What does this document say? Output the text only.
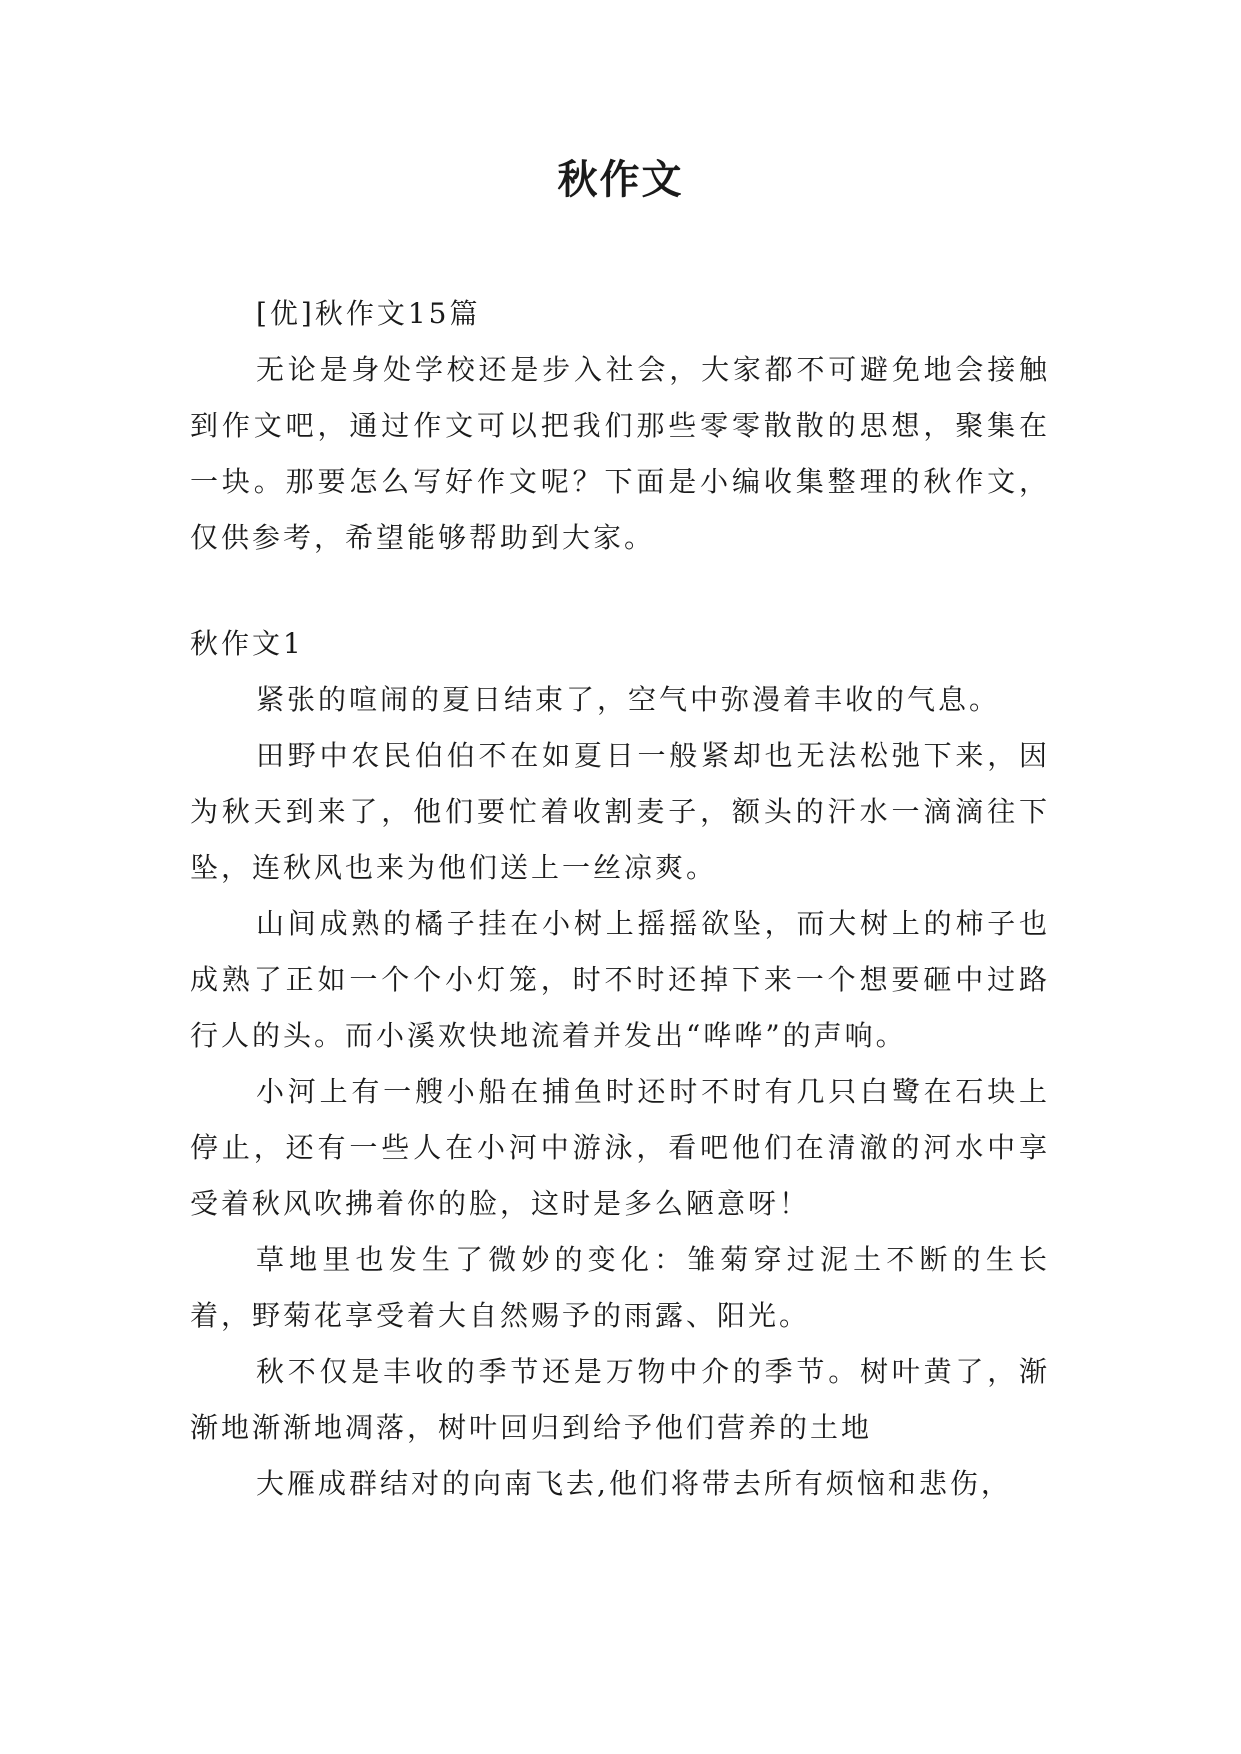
秋作文

[优]秋作文15篇

无论是身处学校还是步入社会，大家都不可避免地会接触到作文吧，通过作文可以把我们那些零零散散的思想，聚集在一块。那要怎么写好作文呢？下面是小编收集整理的秋作文，仅供参考，希望能够帮助到大家。

秋作文1

紧张的喧闹的夏日结束了，空气中弥漫着丰收的气息。

田野中农民伯伯不在如夏日一般紧却也无法松弛下来，因为秋天到来了，他们要忙着收割麦子，额头的汗水一滴滴往下坠，连秋风也来为他们送上一丝凉爽。

山间成熟的橘子挂在小树上摇摇欲坠，而大树上的柿子也成熟了正如一个个小灯笼，时不时还掉下来一个想要砸中过路行人的头。而小溪欢快地流着并发出“哗哗”的声响。

小河上有一艘小船在捕鱼时还时不时有几只白鹭在石块上停止，还有一些人在小河中游泳，看吧他们在清澈的河水中享受着秋风吹拂着你的脸，这时是多么陋意呀！

草地里也发生了微妙的变化：雏菊穿过泥土不断的生长着，野菊花享受着大自然赐予的雨露、阳光。

秋不仅是丰收的季节还是万物中介的季节。树叶黄了，渐渐地渐渐地凋落，树叶回归到给予他们营养的土地

大雁成群结对的向南飞去,他们将带去所有烦恼和悲伤，
